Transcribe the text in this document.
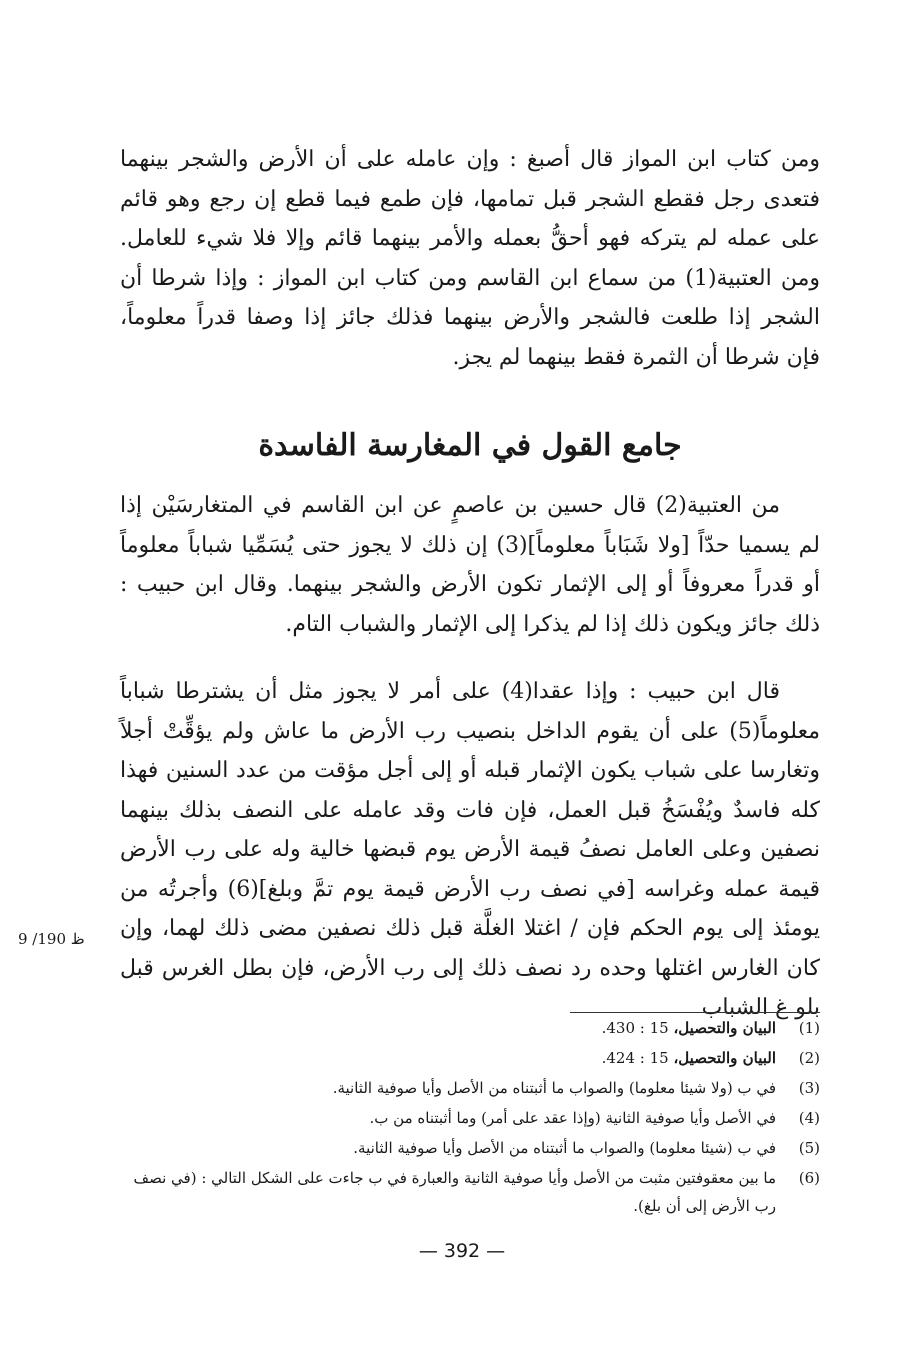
ومن كتاب ابن المواز قال أصبغ : وإن عامله على أن الأرض والشجر بينهما فتعدى رجل فقطع الشجر قبل تمامها، فإن طمع فيما قطع إن رجع وهو قائم على عمله لم يتركه فهو أحقُّ بعمله والأمر بينهما قائم وإلا فلا شيء للعامل. ومن العتبية(1) من سماع ابن القاسم ومن كتاب ابن المواز : وإذا شرطا أن الشجر إذا طلعت فالشجر والأرض بينهما فذلك جائز إذا وصفا قدراً معلوماً، فإن شرطا أن الثمرة فقط بينهما لم يجز.

جامع القول في المغارسة الفاسدة

من العتبية(2) قال حسين بن عاصمٍ عن ابن القاسم في المتغارسَيْن إذا لم يسميا حدّاً [ولا شَبَاباً معلوماً](3) إن ذلك لا يجوز حتى يُسَمِّيا شباباً معلوماً أو قدراً معروفاً أو إلى الإثمار تكون الأرض والشجر بينهما. وقال ابن حبيب : ذلك جائز ويكون ذلك إذا لم يذكرا إلى الإثمار والشباب التام.

قال ابن حبيب : وإذا عقدا(4) على أمر لا يجوز مثل أن يشترطا شباباً معلوماً(5) على أن يقوم الداخل بنصيب رب الأرض ما عاش ولم يؤقِّتْ أجلاً وتغارسا على شباب يكون الإثمار قبله أو إلى أجل مؤقت من عدد السنين فهذا كله فاسدٌ ويُفْسَخُ قبل العمل، فإن فات وقد عامله على النصف بذلك بينهما نصفين وعلى العامل نصفُ قيمة الأرض يوم قبضها خالية وله على رب الأرض قيمة عمله وغراسه [في نصف رب الأرض قيمة يوم تمَّ وبلغ](6) وأجرتُه من يومئذ إلى يوم الحكم فإن / اغتلا الغلَّة قبل ذلك نصفين مضى ذلك لهما، وإن كان الغارس اغتلها وحده رد نصف ذلك إلى رب الأرض، فإن بطل الغرس قبل بلو غ الشباب

9 /190 ظ
(1)
البيان والتحصيل، 15 : 430.
(2)
البيان والتحصيل، 15 : 424.
(3)
في ب (ولا شيئا معلوما) والصواب ما أثبتناه من الأصل وأيا صوفية الثانية.
(4)
في الأصل وأيا صوفية الثانية (وإذا عقد على أمر) وما أثبتناه من ب.
(5)
في ب (شيئا معلوما) والصواب ما أثبتناه من الأصل وأيا صوفية الثانية.
(6)
ما بين معقوفتين مثبت من الأصل وأيا صوفية الثانية والعبارة في ب جاءت على الشكل التالي : (في نصف رب الأرض إلى أن بلغ).
— 392 —
